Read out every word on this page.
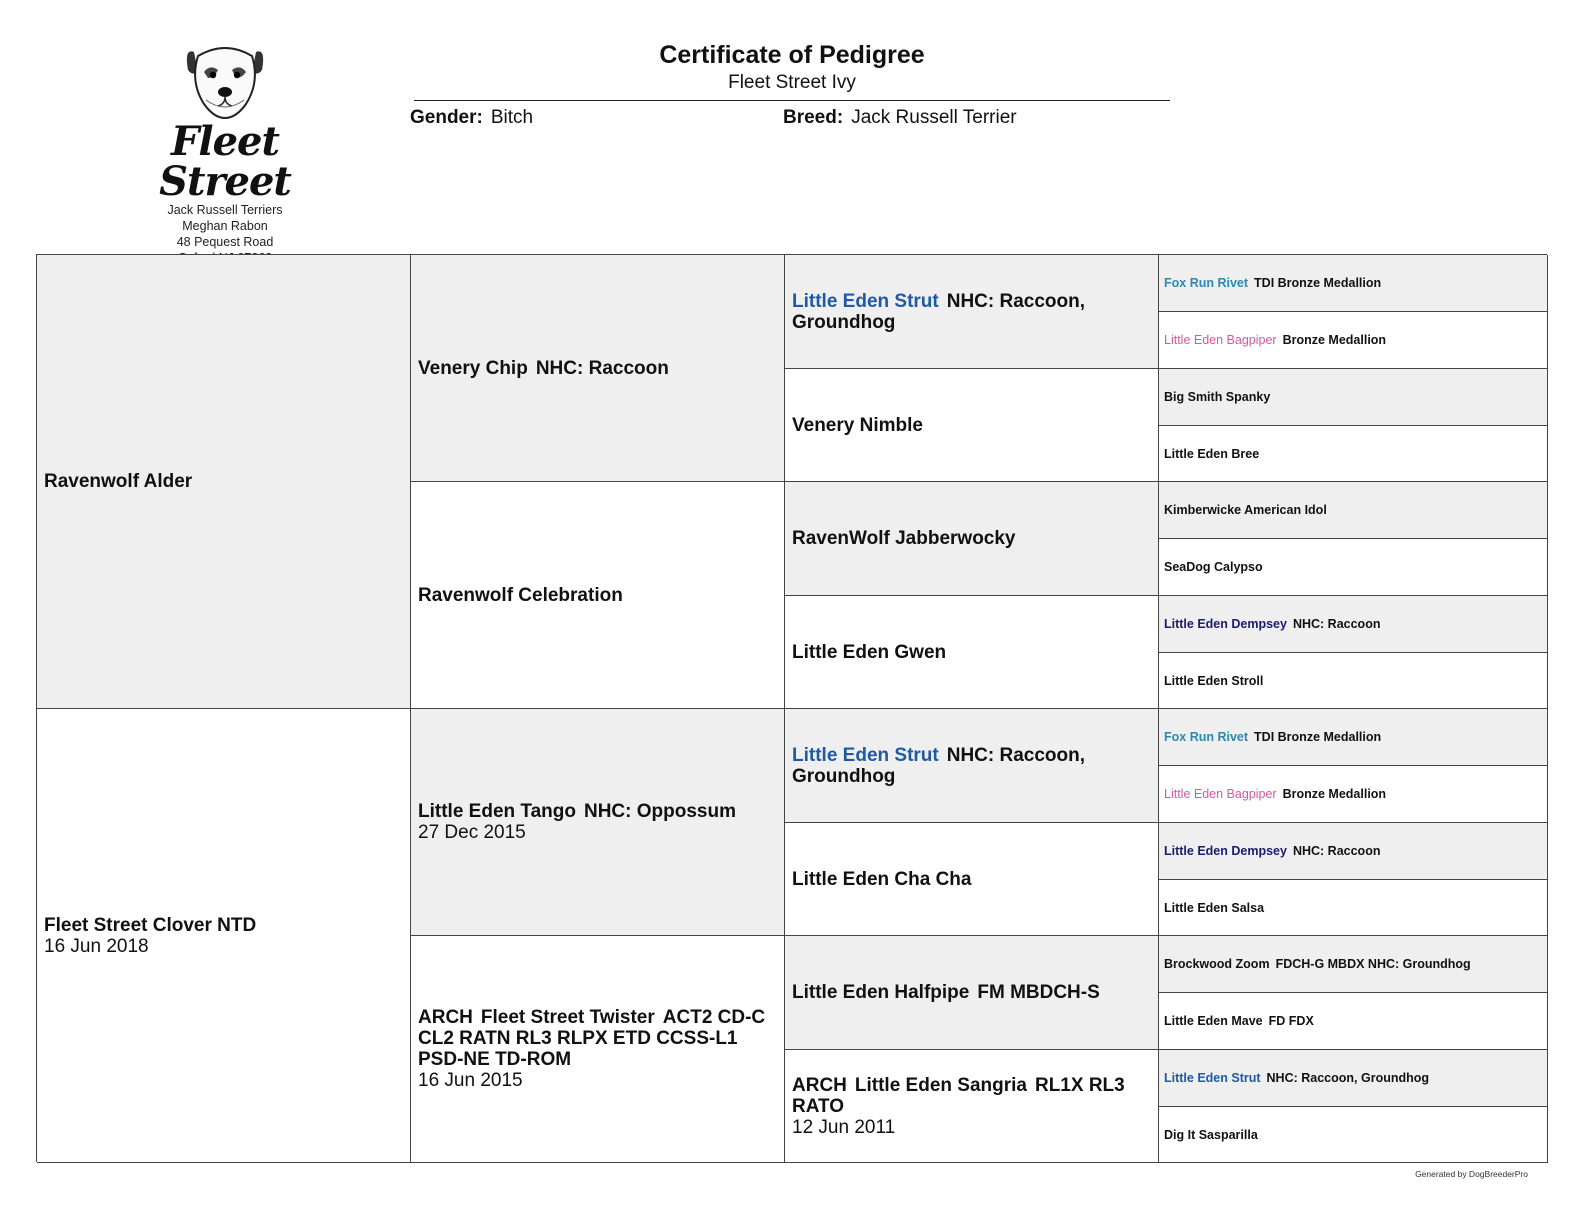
Fleet Street
Jack Russell Terriers
Meghan Rabon
48 Pequest Road
Certificate of Pedigree
Fleet Street Ivy
Gender: Bitch	Breed: Jack Russell Terrier
Ravenwolf Alder
Fleet Street Clover NTD
16 Jun 2018
Venery Chip NHC: Raccoon
Ravenwolf Celebration
Little Eden Tango NHC: Oppossum
27 Dec 2015
ARCH Fleet Street Twister ACT2 CD-C CL2 RATN RL3 RLPX ETD CCSS-L1 PSD-NE TD-ROM
16 Jun 2015
Little Eden Strut NHC: Raccoon, Groundhog
Venery Nimble
RavenWolf Jabberwocky
Little Eden Gwen
Little Eden Strut NHC: Raccoon, Groundhog
Little Eden Cha Cha
Little Eden Halfpipe FM MBDCH-S
ARCH Little Eden Sangria RL1X RL3 RATO
12 Jun 2011
Fox Run Rivet TDI Bronze Medallion
Little Eden Bagpiper Bronze Medallion
Big Smith Spanky
Little Eden Bree
Kimberwicke American Idol
SeaDog Calypso
Little Eden Dempsey NHC: Raccoon
Little Eden Stroll
Fox Run Rivet TDI Bronze Medallion
Little Eden Bagpiper Bronze Medallion
Little Eden Dempsey NHC: Raccoon
Little Eden Salsa
Brockwood Zoom FDCH-G MBDX NHC: Groundhog
Little Eden Mave FD FDX
Little Eden Strut NHC: Raccoon, Groundhog
Dig It Sasparilla
Generated by DogBreederPro
